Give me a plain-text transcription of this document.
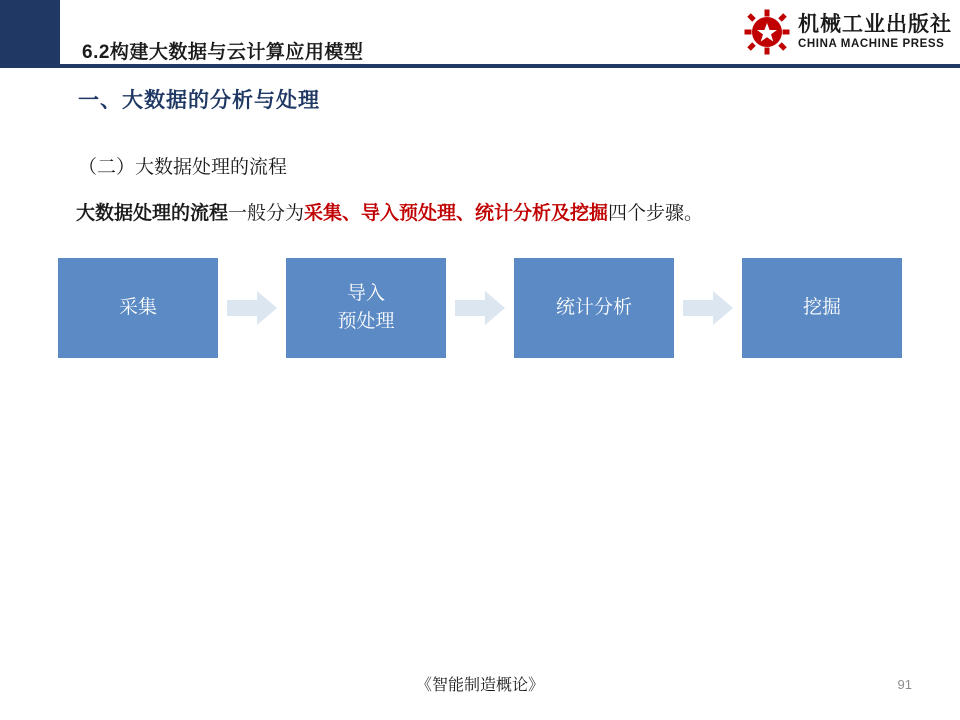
6.2构建大数据与云计算应用模型
机械工业出版社
CHINA MACHINE PRESS
一、大数据的分析与处理
（二）大数据处理的流程
大数据处理的流程一般分为采集、导入预处理、统计分析及挖掘四个步骤。
采集
导入
预处理
统计分析	挖掘
《智能制造概论》	91
